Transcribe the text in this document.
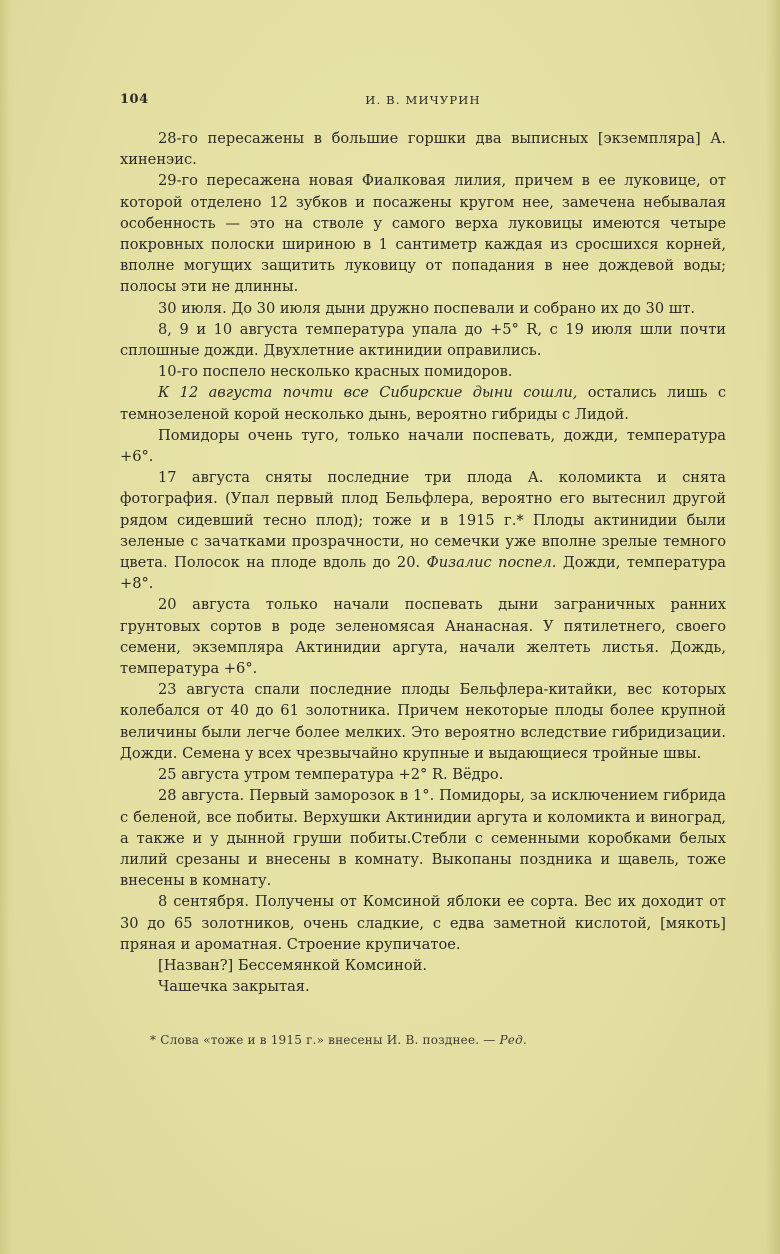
104	И. В. МИЧУРИН

28-го пересажены в большие горшки два выписных [экземпляра] А. хиненэис.

29-го пересажена новая Фиалковая лилия, причем в ее луковице, от которой отделено 12 зубков и посажены кругом нее, замечена небывалая особенность — это на стволе у самого верха луковицы имеются четыре покровных полоски шириною в 1 сантиметр каждая из сросшихся корней, вполне могущих защитить луковицу от попадания в нее дождевой воды; полосы эти не длинны.

30 июля. До 30 июля дыни дружно поспевали и собрано их до 30 шт.

8, 9 и 10 августа температура упала до +5° R, с 19 июля шли почти сплошные дожди. Двухлетние актинидии оправились.

10-го поспело несколько красных помидоров.

К 12 августа почти все Сибирские дыни сошли, остались лишь с темнозеленой корой несколько дынь, вероятно гибриды с Лидой.

Помидоры очень туго, только начали поспевать, дожди, температура +6°.

17 августа сняты последние три плода А. коломикта и снята фотография. (Упал первый плод Бельфлера, вероятно его вытеснил другой рядом сидевший тесно плод); тоже и в 1915 г.* Плоды актинидии были зеленые с зачатками прозрачности, но семечки уже вполне зрелые темного цвета. Полосок на плоде вдоль до 20. Физалис поспел. Дожди, температура +8°.

20 августа только начали поспевать дыни заграничных ранних грунтовых сортов в роде зеленомясая Ананасная. У пятилетнего, своего семени, экземпляра Актинидии аргута, начали желтеть листья. Дождь, температура +6°.

23 августа спали последние плоды Бельфлера-китайки, вес которых колебался от 40 до 61 золотника. Причем некоторые плоды более крупной величины были легче более мелких. Это вероятно вследствие гибридизации. Дожди. Семена у всех чрезвычайно крупные и выдающиеся тройные швы.

25 августа утром температура +2° R. Вёдро.

28 августа. Первый заморозок в 1°. Помидоры, за исключением гибрида с беленой, все побиты. Верхушки Актинидии аргута и коломикта и виноград, а также и у дынной груши побиты.Стебли с семенными коробками белых лилий срезаны и внесены в комнату. Выкопаны поздника и щавель, тоже внесены в комнату.

8 сентября. Получены от Комсиной яблоки ее сорта. Вес их доходит от 30 до 65 золотников, очень сладкие, с едва заметной кислотой, [мякоть] пряная и ароматная. Строение крупичатое.

[Назван?] Бессемянкой Комсиной.

Чашечка закрытая.

* Слова «тоже и в 1915 г.» внесены И. В. позднее. — Ред.
